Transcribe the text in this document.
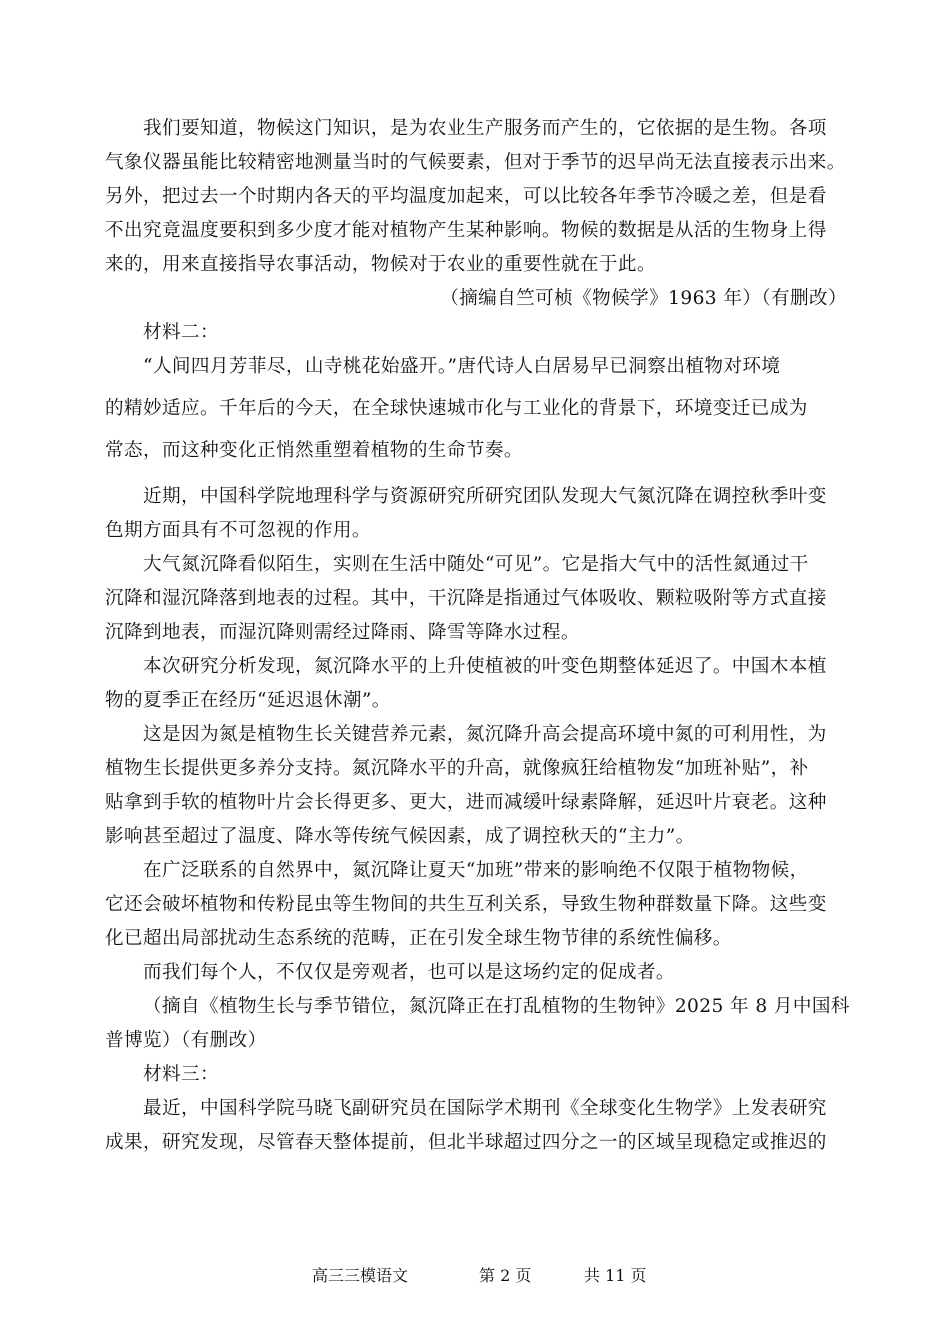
我们要知道，物候这门知识，是为农业生产服务而产生的，它依据的是生物。各项

气象仪器虽能比较精密地测量当时的气候要素，但对于季节的迟早尚无法直接表示出来。

另外，把过去一个时期内各天的平均温度加起来，可以比较各年季节冷暖之差，但是看

不出究竟温度要积到多少度才能对植物产生某种影响。物候的数据是从活的生物身上得

来的，用来直接指导农事活动，物候对于农业的重要性就在于此。

（摘编自竺可桢《物候学》1963 年）（有删改）

材料二：

“人间四月芳菲尽，山寺桃花始盛开。”唐代诗人白居易早已洞察出植物对环境

的精妙适应。千年后的今天，在全球快速城市化与工业化的背景下，环境变迁已成为

常态，而这种变化正悄然重塑着植物的生命节奏。

近期，中国科学院地理科学与资源研究所研究团队发现大气氮沉降在调控秋季叶变

色期方面具有不可忽视的作用。

大气氮沉降看似陌生，实则在生活中随处“可见”。它是指大气中的活性氮通过干

沉降和湿沉降落到地表的过程。其中，干沉降是指通过气体吸收、颗粒吸附等方式直接

沉降到地表，而湿沉降则需经过降雨、降雪等降水过程。

本次研究分析发现，氮沉降水平的上升使植被的叶变色期整体延迟了。中国木本植

物的夏季正在经历“延迟退休潮”。

这是因为氮是植物生长关键营养元素，氮沉降升高会提高环境中氮的可利用性，为

植物生长提供更多养分支持。氮沉降水平的升高，就像疯狂给植物发“加班补贴”，补

贴拿到手软的植物叶片会长得更多、更大，进而减缓叶绿素降解，延迟叶片衰老。这种

影响甚至超过了温度、降水等传统气候因素，成了调控秋天的“主力”。

在广泛联系的自然界中，氮沉降让夏天“加班”带来的影响绝不仅限于植物物候，

它还会破坏植物和传粉昆虫等生物间的共生互利关系，导致生物种群数量下降。这些变

化已超出局部扰动生态系统的范畴，正在引发全球生物节律的系统性偏移。

而我们每个人，不仅仅是旁观者，也可以是这场约定的促成者。

（摘自《植物生长与季节错位，氮沉降正在打乱植物的生物钟》2025 年 8 月中国科

普博览）（有删改）

材料三：

最近，中国科学院马晓飞副研究员在国际学术期刊《全球变化生物学》上发表研究

成果，研究发现，尽管春天整体提前，但北半球超过四分之一的区域呈现稳定或推迟的

高三三模语文	第 2 页	共 11 页
